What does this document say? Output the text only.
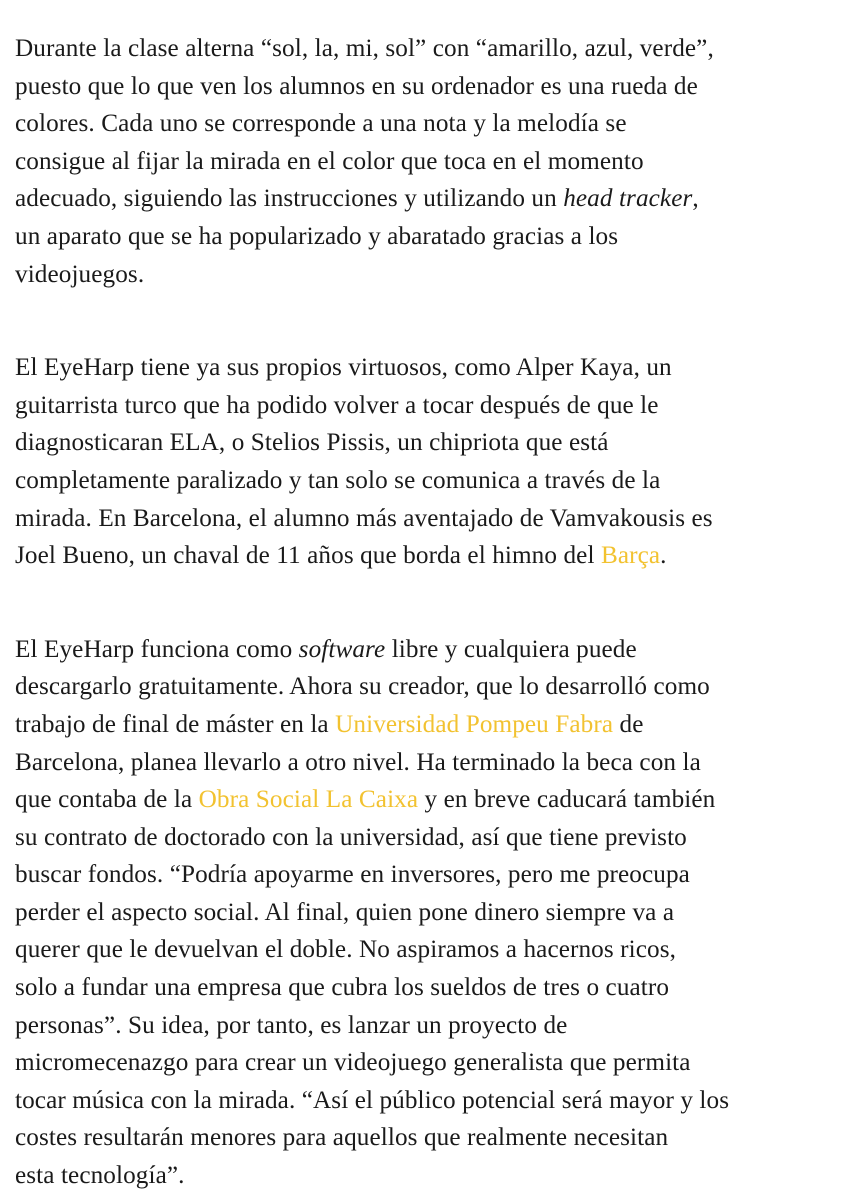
Durante la clase alterna “sol, la, mi, sol” con “amarillo, azul, verde”,
puesto que lo que ven los alumnos en su ordenador es una rueda de
colores. Cada uno se corresponde a una nota y la melodía se
consigue al fijar la mirada en el color que toca en el momento
adecuado, siguiendo las instrucciones y utilizando un head tracker,
un aparato que se ha popularizado y abaratado gracias a los
videojuegos.

El EyeHarp tiene ya sus propios virtuosos, como Alper Kaya, un
guitarrista turco que ha podido volver a tocar después de que le
diagnosticaran ELA, o Stelios Pissis, un chipriota que está
completamente paralizado y tan solo se comunica a través de la
mirada. En Barcelona, el alumno más aventajado de Vamvakousis es
Joel Bueno, un chaval de 11 años que borda el himno del Barça.

El EyeHarp funciona como software libre y cualquiera puede
descargarlo gratuitamente. Ahora su creador, que lo desarrolló como
trabajo de final de máster en la Universidad Pompeu Fabra de
Barcelona, planea llevarlo a otro nivel. Ha terminado la beca con la
que contaba de la Obra Social La Caixa y en breve caducará también
su contrato de doctorado con la universidad, así que tiene previsto
buscar fondos. “Podría apoyarme en inversores, pero me preocupa
perder el aspecto social. Al final, quien pone dinero siempre va a
querer que le devuelvan el doble. No aspiramos a hacernos ricos,
solo a fundar una empresa que cubra los sueldos de tres o cuatro
personas”. Su idea, por tanto, es lanzar un proyecto de
micromecenazgo para crear un videojuego generalista que permita
tocar música con la mirada. “Así el público potencial será mayor y los
costes resultarán menores para aquellos que realmente necesitan
esta tecnología”.
